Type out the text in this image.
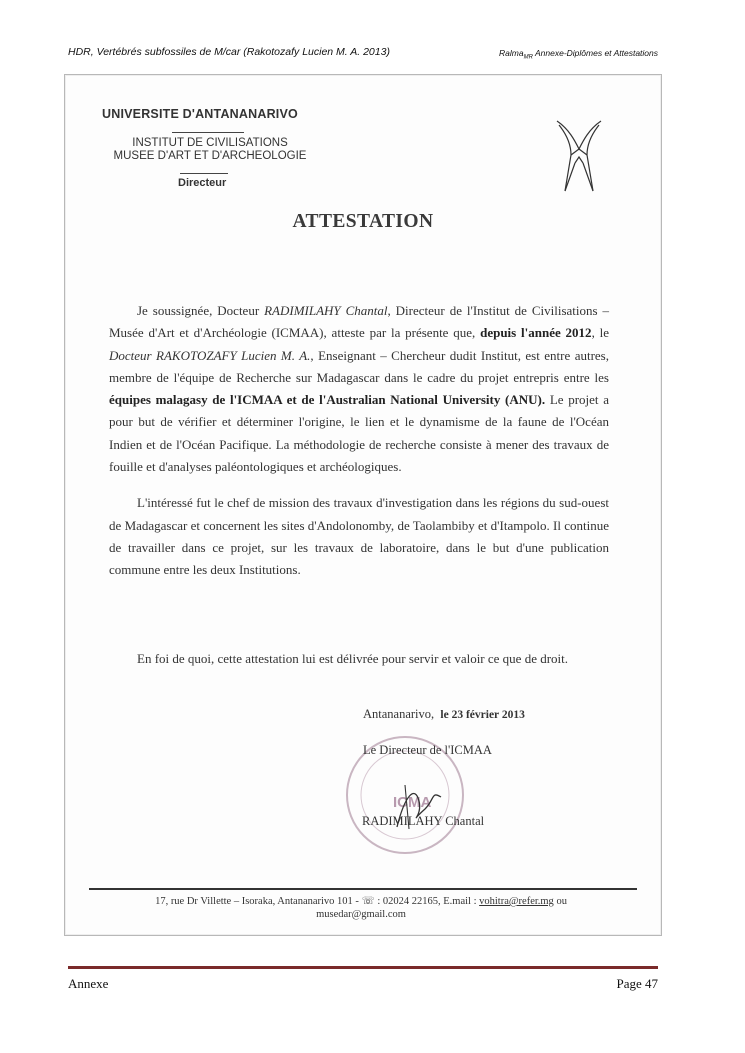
HDR, Vertébrés subfossiles de M/car (Rakotozafy Lucien M. A. 2013)	Ralma$_{MR}$ Annexe-Diplômes et Attestations
UNIVERSITE D'ANTANANARIVO
INSTITUT DE CIVILISATIONS
MUSEE D'ART ET D'ARCHEOLOGIE
Directeur
ATTESTATION

Je soussignée, Docteur RADIMILAHY Chantal, Directeur de l'Institut de Civilisations – Musée d'Art et d'Archéologie (ICMAA), atteste par la présente que, depuis l'année 2012, le Docteur RAKOTOZAFY Lucien M. A., Enseignant – Chercheur dudit Institut, est entre autres, membre de l'équipe de Recherche sur Madagascar dans le cadre du projet entrepris entre les équipes malagasy de l'ICMAA et de l'Australian National University (ANU). Le projet a pour but de vérifier et déterminer l'origine, le lien et le dynamisme de la faune de l'Océan Indien et de l'Océan Pacifique. La méthodologie de recherche consiste à mener des travaux de fouille et d'analyses paléontologiques et archéologiques.

L'intéressé fut le chef de mission des travaux d'investigation dans les régions du sud-ouest de Madagascar et concernent les sites d'Andolonomby, de Taolambiby et d'Itampolo. Il continue de travailler dans ce projet, sur les travaux de laboratoire, dans le but d'une publication commune entre les deux Institutions.

En foi de quoi, cette attestation lui est délivrée pour servir et valoir ce que de droit.
Antananarivo, le 23 février 2013
ICMA
Le Directeur de l'ICMAA
RADIMILAHY Chantal
17, rue Dr Villette – Isoraka, Antananarivo 101 - ☏ : 02024 22165, E.mail : vohitra@refer.mg ou
musedar@gmail.com
Annexe	Page 47
